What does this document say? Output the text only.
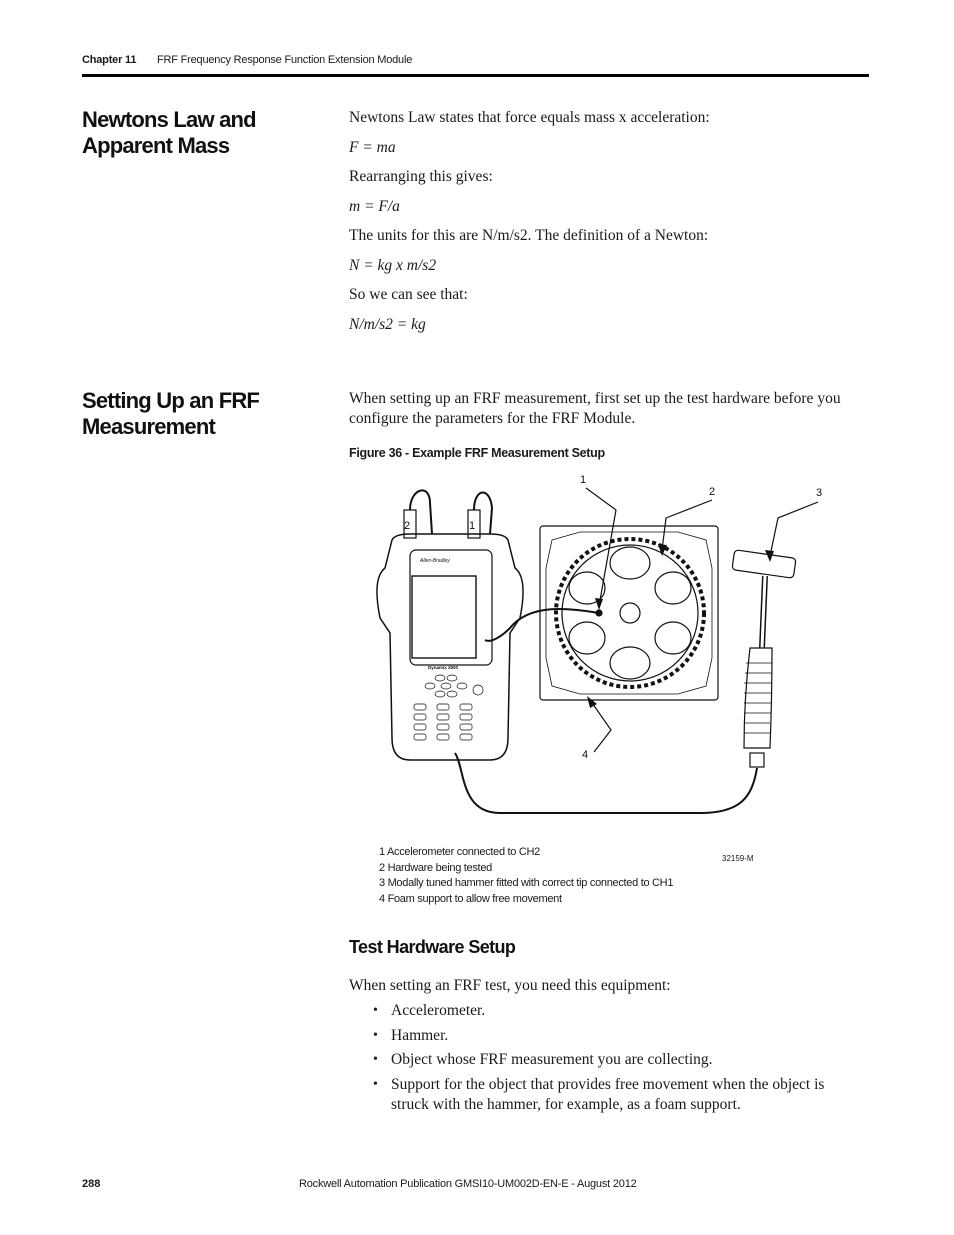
Chapter 11 FRF Frequency Response Function Extension Module
Newtons Law and Apparent Mass
Newtons Law states that force equals mass x acceleration:
F = ma
Rearranging this gives:
m = F/a
The units for this are N/m/s2. The definition of a Newton:
N = kg x m/s2
So we can see that:
N/m/s2 = kg
Setting Up an FRF Measurement
When setting up an FRF measurement, first set up the test hardware before you configure the parameters for the FRF Module.
Figure 36 - Example FRF Measurement Setup
1
2	3
4
Allen-Bradley
Dynamix 2500
2	1
32159-M
1 Accelerometer connected to CH2
2 Hardware being tested
3 Modally tuned hammer fitted with correct tip connected to CH1
4 Foam support to allow free movement
Test Hardware Setup
When setting an FRF test, you need this equipment:
• Accelerometer.
• Hammer.
• Object whose FRF measurement you are collecting.
• Support for the object that provides free movement when the object is struck with the hammer, for example, as a foam support.
288	Rockwell Automation Publication GMSI10-UM002D-EN-E - August 2012
